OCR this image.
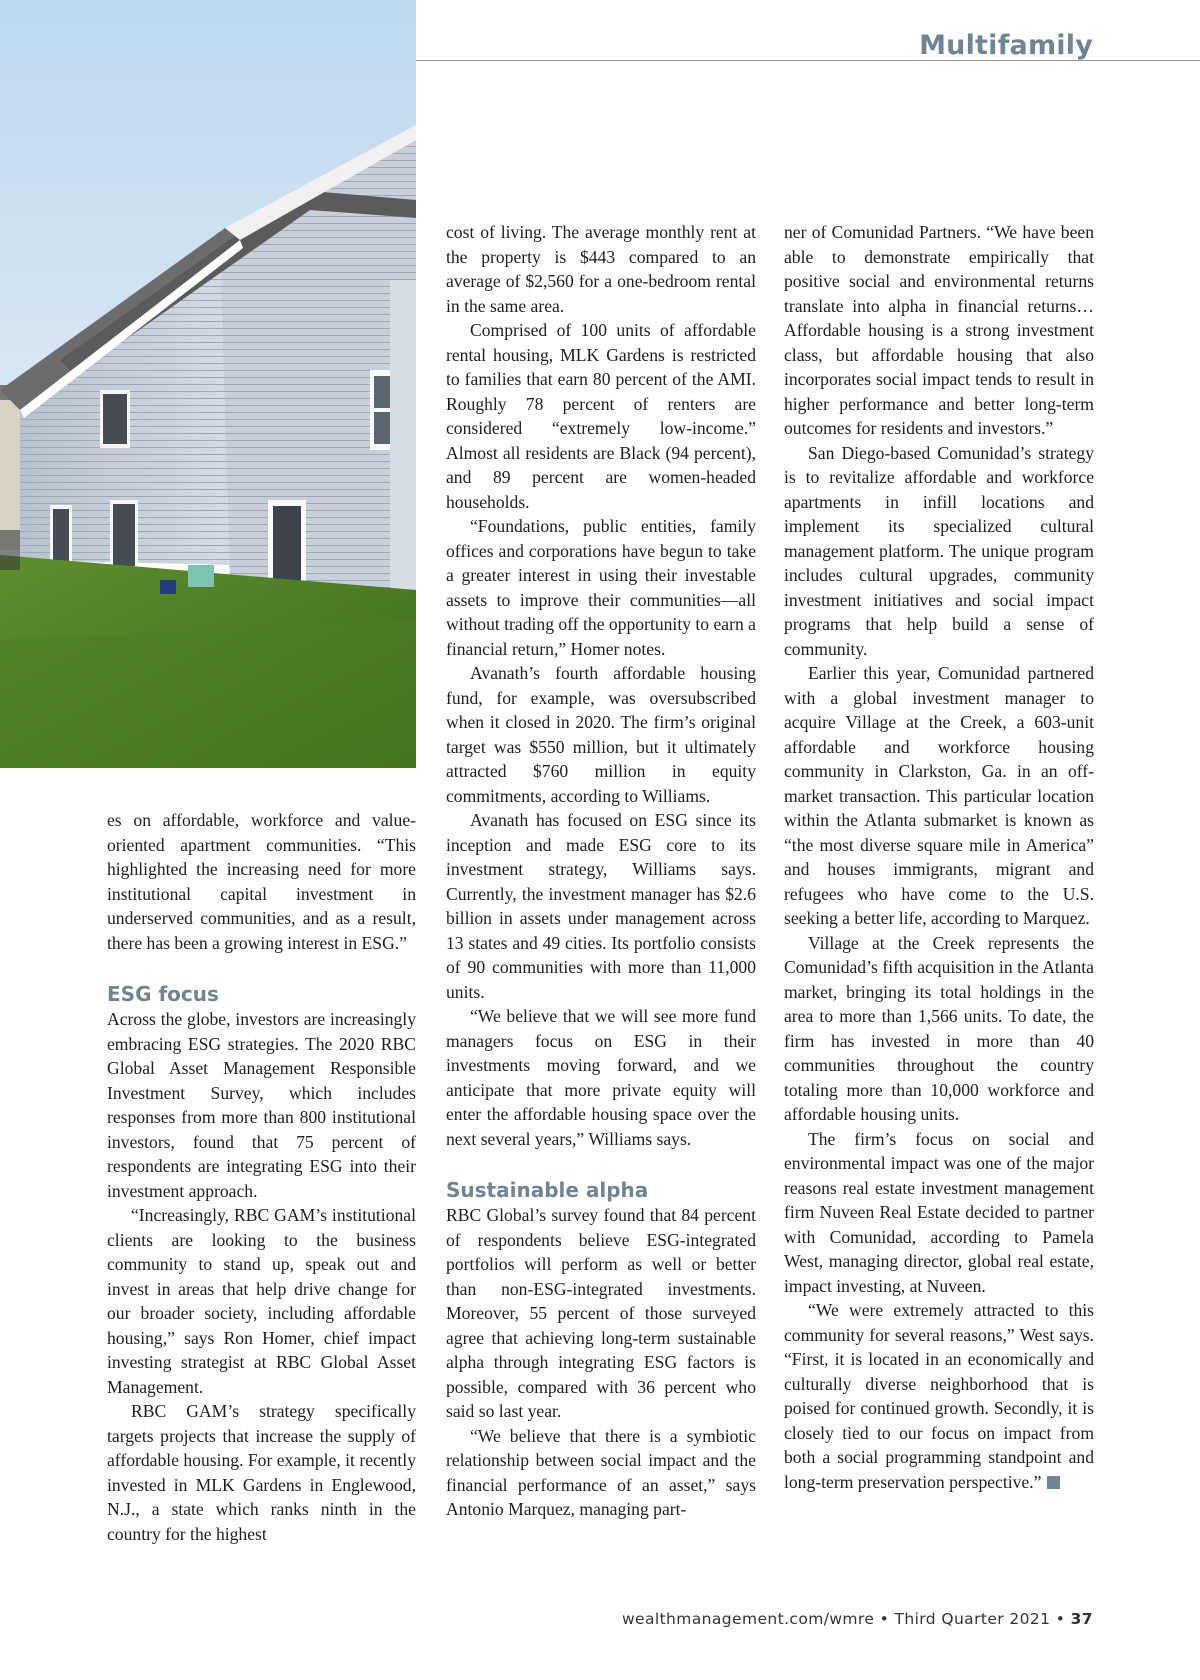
Multifamily

es on affordable, workforce and value-oriented apartment communities. “This highlighted the increasing need for more institutional capital investment in underserved communities, and as a result, there has been a growing interest in ESG.”

ESG focus

Across the globe, investors are increasingly embracing ESG strategies. The 2020 RBC Global Asset Management Responsible Investment Survey, which includes responses from more than 800 institutional investors, found that 75 percent of respondents are integrating ESG into their investment approach.

“Increasingly, RBC GAM’s institutional clients are looking to the business community to stand up, speak out and invest in areas that help drive change for our broader society, including affordable housing,” says Ron Homer, chief impact investing strategist at RBC Global Asset Management.

RBC GAM’s strategy specifically targets projects that increase the supply of affordable housing. For example, it recently invested in MLK Gardens in Englewood, N.J., a state which ranks ninth in the country for the highest

cost of living. The average monthly rent at the property is $443 compared to an average of $2,560 for a one-bedroom rental in the same area.

Comprised of 100 units of affordable rental housing, MLK Gardens is restricted to families that earn 80 percent of the AMI. Roughly 78 percent of renters are considered “extremely low-income.” Almost all residents are Black (94 percent), and 89 percent are women-headed households.

“Foundations, public entities, family offices and corporations have begun to take a greater interest in using their investable assets to improve their communities—all without trading off the opportunity to earn a financial return,” Homer notes.

Avanath’s fourth affordable housing fund, for example, was oversubscribed when it closed in 2020. The firm’s original target was $550 million, but it ultimately attracted $760 million in equity commitments, according to Williams.

Avanath has focused on ESG since its inception and made ESG core to its investment strategy, Williams says. Currently, the investment manager has $2.6 billion in assets under management across 13 states and 49 cities. Its portfolio consists of 90 communities with more than 11,000 units.

“We believe that we will see more fund managers focus on ESG in their investments moving forward, and we anticipate that more private equity will enter the affordable housing space over the next several years,” Williams says.

Sustainable alpha

RBC Global’s survey found that 84 percent of respondents believe ESG-integrated portfolios will perform as well or better than non-ESG-integrated investments. Moreover, 55 percent of those surveyed agree that achieving long-term sustainable alpha through integrating ESG factors is possible, compared with 36 percent who said so last year.

“We believe that there is a symbiotic relationship between social impact and the financial performance of an asset,” says Antonio Marquez, managing part-

ner of Comunidad Partners. “We have been able to demonstrate empirically that positive social and environmental returns translate into alpha in financial returns… Affordable housing is a strong investment class, but affordable housing that also incorporates social impact tends to result in higher performance and better long-term outcomes for residents and investors.”

San Diego-based Comunidad’s strategy is to revitalize affordable and workforce apartments in infill locations and implement its specialized cultural management platform. The unique program includes cultural upgrades, community investment initiatives and social impact programs that help build a sense of community.

Earlier this year, Comunidad partnered with a global investment manager to acquire Village at the Creek, a 603-unit affordable and workforce housing community in Clarkston, Ga. in an off-market transaction. This particular location within the Atlanta submarket is known as “the most diverse square mile in America” and houses immigrants, migrant and refugees who have come to the U.S. seeking a better life, according to Marquez.

Village at the Creek represents the Comunidad’s fifth acquisition in the Atlanta market, bringing its total holdings in the area to more than 1,566 units. To date, the firm has invested in more than 40 communities throughout the country totaling more than 10,000 workforce and affordable housing units.

The firm’s focus on social and environmental impact was one of the major reasons real estate investment management firm Nuveen Real Estate decided to partner with Comunidad, according to Pamela West, managing director, global real estate, impact investing, at Nuveen.

“We were extremely attracted to this community for several reasons,” West says. “First, it is located in an economically and culturally diverse neighborhood that is poised for continued growth. Secondly, it is closely tied to our focus on impact from both a social programming standpoint and long-term preservation perspective.”

wealthmanagement.com/wmre • Third Quarter 2021 • 37
